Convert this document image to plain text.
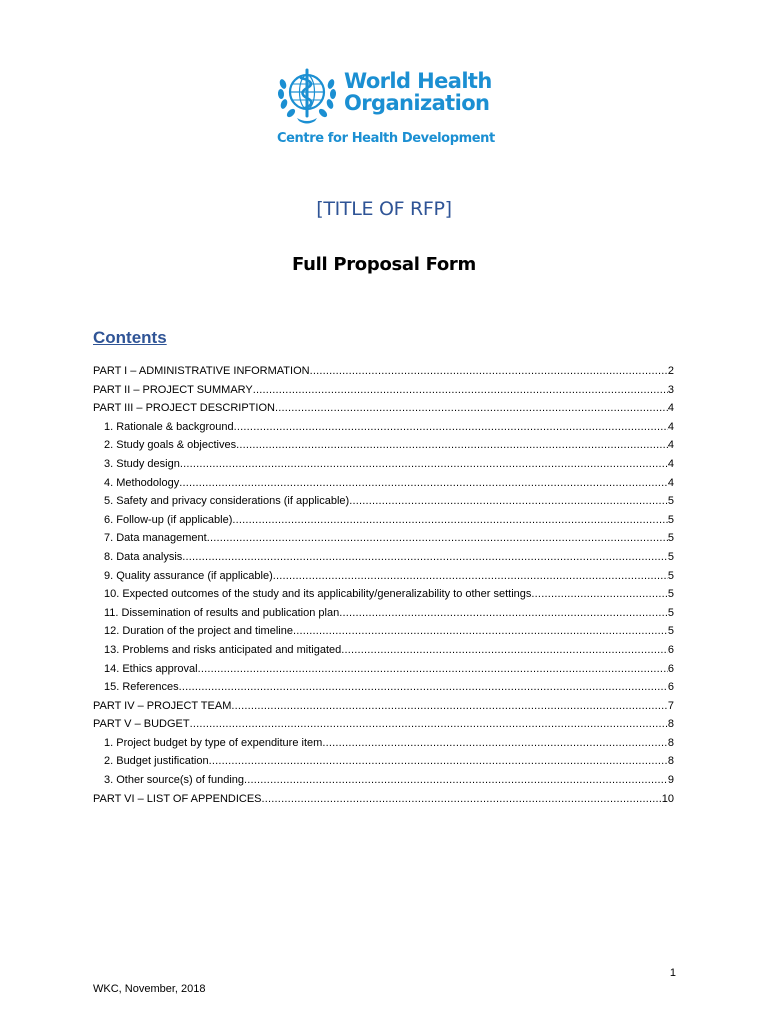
World Health
Organization
Centre for Health Development
[TITLE OF RFP]
Full Proposal Form
Contents
PART I – ADMINISTRATIVE INFORMATION .....	2
PART II – PROJECT SUMMARY .....	3
PART III – PROJECT DESCRIPTION .....	4
1. Rationale & background .....	4
2. Study goals & objectives .....	4
3. Study design .....	4
4. Methodology .....	4
5. Safety and privacy considerations (if applicable) .....	5
6. Follow-up (if applicable) .....	5
7. Data management .....	5
8. Data analysis .....	5
9. Quality assurance (if applicable) .....	5
10. Expected outcomes of the study and its applicability/generalizability to other settings .....	5
11. Dissemination of results and publication plan .....	5
12. Duration of the project and timeline .....	5
13. Problems and risks anticipated and mitigated .....	6
14. Ethics approval .....	6
15. References .....	6
PART IV – PROJECT TEAM .....	7
PART V – BUDGET .....	8
1. Project budget by type of expenditure item .....	8
2. Budget justification .....	8
3. Other source(s) of funding .....	9
PART VI – LIST OF APPENDICES .....	10
1
WKC, November, 2018
